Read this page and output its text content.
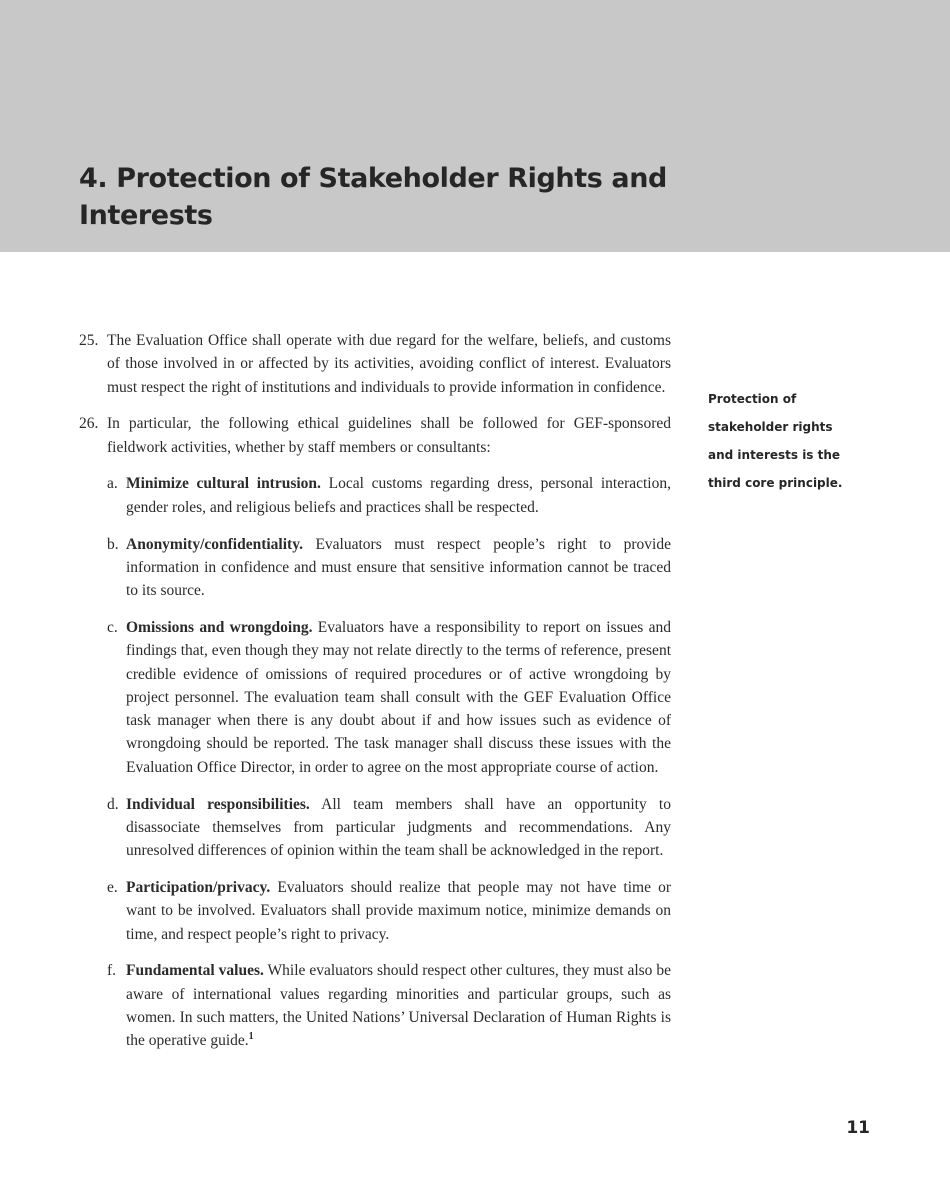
4. Protection of Stakeholder Rights and Interests
25. The Evaluation Office shall operate with due regard for the welfare, beliefs, and customs of those involved in or affected by its activities, avoiding conflict of interest. Evaluators must respect the right of institutions and individuals to provide information in confidence.
26. In particular, the following ethical guidelines shall be followed for GEF-sponsored fieldwork activities, whether by staff members or consultants:
a. Minimize cultural intrusion. Local customs regarding dress, personal interaction, gender roles, and religious beliefs and practices shall be respected.
b. Anonymity/confidentiality. Evaluators must respect people’s right to provide information in confidence and must ensure that sensitive information cannot be traced to its source.
c. Omissions and wrongdoing. Evaluators have a responsibility to report on issues and findings that, even though they may not relate directly to the terms of reference, present credible evidence of omissions of required procedures or of active wrongdoing by project personnel. The evaluation team shall consult with the GEF Evaluation Office task manager when there is any doubt about if and how issues such as evidence of wrongdoing should be reported. The task manager shall discuss these issues with the Evaluation Office Director, in order to agree on the most appropriate course of action.
d. Individual responsibilities. All team members shall have an opportunity to disassociate themselves from particular judgments and recommendations. Any unresolved differences of opinion within the team shall be acknowledged in the report.
e. Participation/privacy. Evaluators should realize that people may not have time or want to be involved. Evaluators shall provide maximum notice, minimize demands on time, and respect people’s right to privacy.
f. Fundamental values. While evaluators should respect other cultures, they must also be aware of international values regarding minorities and particular groups, such as women. In such matters, the United Nations’ Universal Declaration of Human Rights is the operative guide.$^1$
Protection of stakeholder rights and interests is the third core principle.
11
